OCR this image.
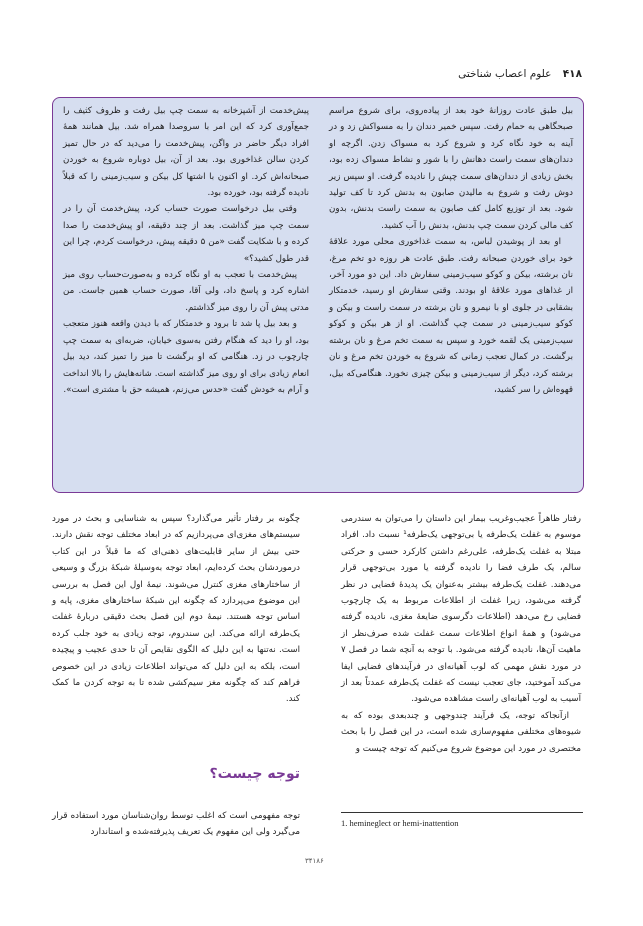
۴۱۸ علوم اعصاب شناختی

بیل طبق عادت روزانهٔ خود بعد از پیاده‌روی، برای شروع مراسم صبحگاهی به حمام رفت. سپس خمیر دندان را به مسواکش زد و در آینه به خود نگاه کرد و شروع کرد به مسواک زدن. اگرچه او دندان‌های سمت راست دهانش را با شور و نشاط مسواک زده بود، بخش زیادی از دندان‌های سمت چپش را نادیده گرفت. او سپس زیر دوش رفت و شروع به مالیدن صابون به بدنش کرد تا کف تولید شود. بعد از توزیع کامل کف صابون به سمت راست بدنش، بدون کف مالی کردن سمت چپ بدنش، بدنش را آب کشید.

او بعد از پوشیدن لباس، به سمت غذاخوری محلی مورد علاقهٔ خود برای خوردن صبحانه رفت. طبق عادت هر روزه دو تخم مرغ، نان برشته، بیکن و کوکو سیب‌زمینی سفارش داد. این دو مورد آخر، از غذاهای مورد علاقهٔ او بودند. وقتی سفارش او رسید، خدمتکار بشقابی در جلوی او با نیمرو و نان برشته در سمت راست و بیکن و کوکو سیب‌زمینی در سمت چپ گذاشت. او از هر بیکن و کوکو سیب‌زمینی یک لقمه خورد و سپس به سمت تخم مرغ و نان برشته برگشت. در کمال تعجب زمانی که شروع به خوردن تخم مرغ و نان برشته کرد، دیگر از سیب‌زمینی و بیکن چیزی نخورد. هنگامی‌که بیل، قهوه‌اش را سر کشید،

پیش‌خدمت از آشپزخانه به سمت چپ بیل رفت و ظروف کثیف را جمع‌آوری کرد که این امر با سروصدا همراه شد. بیل همانند همهٔ افراد دیگر حاضر در واگن، پیش‌خدمت را می‌دید که در حال تمیز کردن سالن غذاخوری بود. بعد از آن، بیل دوباره شروع به خوردن صبحانه‌اش کرد. او اکنون با اشتها کل بیکن و سیب‌زمینی را که قبلاً نادیده گرفته بود، خورده بود.

وقتی بیل درخواست صورت حساب کرد، پیش‌خدمت آن را در سمت چپ میز گذاشت. بعد از چند دقیقه، او پیش‌خدمت را صدا کرده و با شکایت گفت «من ۵ دقیقه پیش، درخواست کردم، چرا این قدر طول کشید؟»

پیش‌خدمت با تعجب به او نگاه کرده و به‌صورت‌حساب روی میز اشاره کرد و پاسخ داد، ولی آقا، صورت حساب همین جاست. من مدتی پیش آن را روی میز گذاشتم.

و بعد بیل پا شد تا برود و خدمتکار که با دیدن واقعه هنوز متعجب بود، او را دید که هنگام رفتن به‌سوی خیابان، ضربه‌ای به سمت چپ چارچوب در زد. هنگامی که او برگشت تا میز را تمیز کند، دید بیل انعام زیادی برای او روی میز گذاشته است. شانه‌هایش را بالا انداخت و آرام به خودش گفت «حدس می‌زنم، همیشه حق با مشتری است».

رفتار ظاهراً عجیب‌وغریب بیمار این داستان را می‌توان به سندرمی موسوم به غفلت یک‌طرفه یا بی‌توجهی یک‌طرفه¹ نسبت داد. افراد مبتلا به غفلت یک‌طرفه، علی‌رغم داشتن کارکرد حسی و حرکتی سالم، یک طرف فضا را نادیده گرفته یا مورد بی‌توجهی قرار می‌دهند. غفلت یک‌طرفه بیشتر به‌عنوان یک پدیدهٔ فضایی در نظر گرفته می‌شود، زیرا غفلت از اطلاعات مربوط به یک چارچوب فضایی رخ می‌دهد (اطلاعات دگرسوی ضایعهٔ مغزی، نادیده گرفته می‌شود) و همهٔ انواع اطلاعات سمت غفلت شده صرف‌نظر از ماهیت آن‌ها، نادیده گرفته می‌شود. با توجه به آنچه شما در فصل ۷ در مورد نقش مهمی که لوب آهیانه‌ای در فرآیندهای فضایی ایفا می‌کند آموختید، جای تعجب نیست که غفلت یک‌طرفه عمدتاً بعد از آسیب به لوب آهیانه‌ای راست مشاهده می‌شود.

ازآنجاکه توجه، یک فرآیند چندوجهی و چندبعدی بوده که به شیوه‌های مختلفی مفهوم‌سازی شده است، در این فصل را با بحث مختصری در مورد این موضوع شروع می‌کنیم که توجه چیست و

چگونه بر رفتار تأثیر می‌گذارد؟ سپس به شناسایی و بحث در مورد سیستم‌های مغزی‌ای می‌پردازیم که در ابعاد مختلف توجه نقش دارند. حتی بیش از سایر قابلیت‌های ذهنی‌ای که ما قبلاً در این کتاب درمورد‌شان بحث کرده‌ایم، ابعاد توجه به‌وسیلهٔ شبکهٔ بزرگ و وسیعی از ساختارهای مغزی کنترل می‌شوند. نیمهٔ اول این فصل به بررسی این موضوع می‌پردازد که چگونه این شبکهٔ ساختارهای مغزی، پایه و اساس توجه هستند. نیمهٔ دوم این فصل بحث دقیقی دربارهٔ غفلت یک‌طرفه ارائه می‌کند. این سندروم، توجه زیادی به خود جلب کرده است. نه‌تنها به این دلیل که الگوی نقایص آن تا حدی عجیب و پیچیده است، بلکه به این دلیل که می‌تواند اطلاعات زیادی در این خصوص فراهم کند که چگونه مغز سیم‌کشی شده تا به توجه کردن ما کمک کند.

توجه چیست؟

توجه مفهومی است که اغلب توسط روان‌شناسان مورد استفاده قرار می‌گیرد ولی این مفهوم یک تعریف پذیرفته‌شده و استاندارد

1. hemineglect or hemi-inattention
۳۴۱۸۶
